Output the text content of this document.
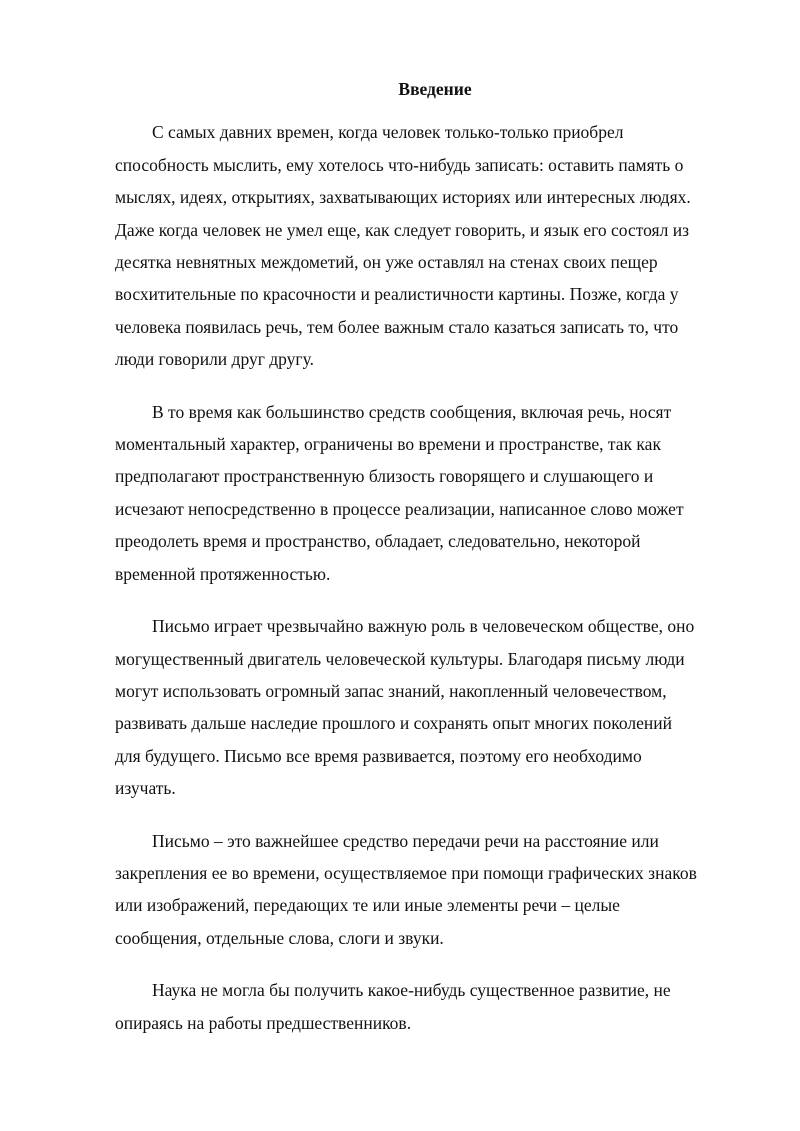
Введение

С самых давних времен, когда человек только-только приобрел
способность мыслить, ему хотелось что-нибудь записать: оставить память о
мыслях, идеях, открытиях, захватывающих историях или интересных людях.
Даже когда человек не умел еще, как следует говорить, и язык его состоял из
десятка невнятных междометий, он уже оставлял на стенах своих пещер
восхитительные по красочности и реалистичности картины. Позже, когда у
человека появилась речь, тем более важным стало казаться записать то, что
люди говорили друг другу.

В то время как большинство средств сообщения, включая речь, носят
моментальный характер, ограничены во времени и пространстве, так как
предполагают пространственную близость говорящего и слушающего и
исчезают непосредственно в процессе реализации, написанное слово может
преодолеть время и пространство, обладает, следовательно, некоторой
временной протяженностью.

Письмо играет чрезвычайно важную роль в человеческом обществе, оно
могущественный двигатель человеческой культуры. Благодаря письму люди
могут использовать огромный запас знаний, накопленный человечеством,
развивать дальше наследие прошлого и сохранять опыт многих поколений
для будущего. Письмо все время развивается, поэтому его необходимо
изучать.

Письмо – это важнейшее средство передачи речи на расстояние или
закрепления ее во времени, осуществляемое при помощи графических знаков
или изображений, передающих те или иные элементы речи – целые
сообщения, отдельные слова, слоги и звуки.

Наука не могла бы получить какое-нибудь существенное развитие, не
опираясь на работы предшественников.
